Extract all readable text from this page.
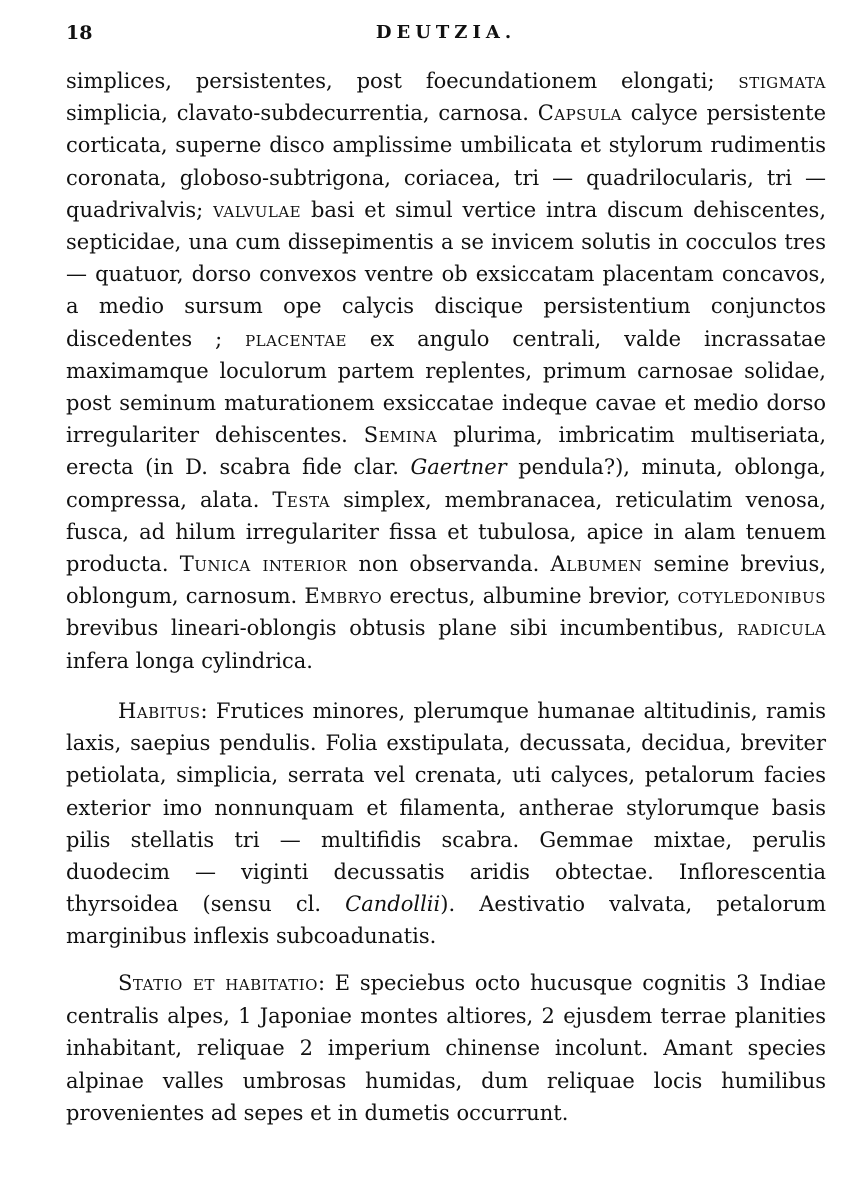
18	DEUTZIA.

simplices, persistentes, post foecundationem elongati; stigmata simplicia, clavato-subdecurrentia, carnosa. Capsula calyce persistente corticata, superne disco amplissime umbilicata et stylorum rudimentis coronata, globoso-subtrigona, coriacea, tri — quadrilocularis, tri — quadrivalvis; valvulae basi et simul vertice intra discum dehiscentes, septicidae, una cum dissepimentis a se invicem solutis in cocculos tres — quatuor, dorso convexos ventre ob exsiccatam placentam concavos, a medio sursum ope calycis discique persistentium conjunctos discedentes ; placentae ex angulo centrali, valde incrassatae maximamque loculorum partem replentes, primum carnosae solidae, post seminum maturationem exsiccatae indeque cavae et medio dorso irregulariter dehiscentes. Semina plurima, imbricatim multiseriata, erecta (in D. scabra fide clar. Gaertner pendula?), minuta, oblonga, compressa, alata. Testa simplex, membranacea, reticulatim venosa, fusca, ad hilum irregulariter fissa et tubulosa, apice in alam tenuem producta. Tunica interior non observanda. Albumen semine brevius, oblongum, carnosum. Embryo erectus, albumine brevior, cotyledonibus brevibus lineari-oblongis obtusis plane sibi incumbentibus, radicula infera longa cylindrica.

Habitus: Frutices minores, plerumque humanae altitudinis, ramis laxis, saepius pendulis. Folia exstipulata, decussata, decidua, breviter petiolata, simplicia, serrata vel crenata, uti calyces, petalorum facies exterior imo nonnunquam et filamenta, antherae stylorumque basis pilis stellatis tri — multifidis scabra. Gemmae mixtae, perulis duodecim — viginti decussatis aridis obtectae. Inflorescentia thyrsoidea (sensu cl. Candollii). Aestivatio valvata, petalorum marginibus inflexis subcoadunatis.

Statio et habitatio: E speciebus octo hucusque cognitis 3 Indiae centralis alpes, 1 Japoniae montes altiores, 2 ejusdem terrae planities inhabitant, reliquae 2 imperium chinense incolunt. Amant species alpinae valles umbrosas humidas, dum reliquae locis humilibus provenientes ad sepes et in dumetis occurrunt.
